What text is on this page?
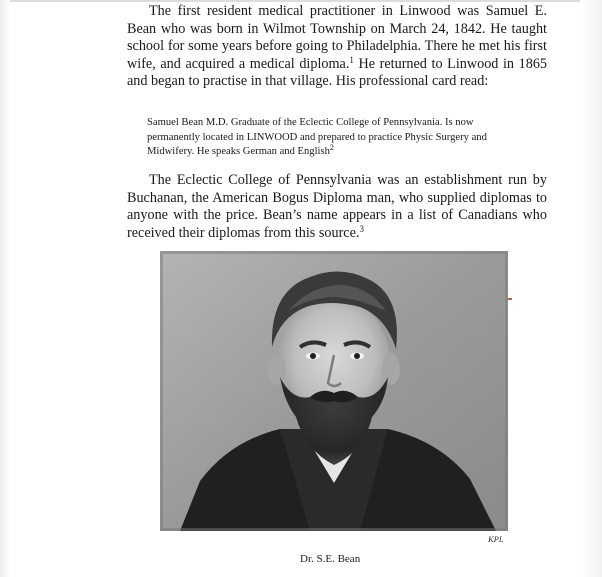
The first resident medical practitioner in Linwood was Samuel E. Bean who was born in Wilmot Township on March 24, 1842. He taught school for some years before going to Philadelphia. There he met his first wife, and acquired a medical diploma.$^1$ He returned to Linwood in 1865 and began to practise in that village. His professional card read:

Samuel Bean M.D. Graduate of the Eclectic College of Pennsylvania. Is now permanently located in LINWOOD and prepared to practice Physic Surgery and Midwifery. He speaks German and English$^2$

The Eclectic College of Pennsylvania was an establishment run by Buchanan, the American Bogus Diploma man, who supplied diplomas to anyone with the price. Bean’s name appears in a list of Canadians who received their diplomas from this source.$^3$

KPL
Dr. S.E. Bean
